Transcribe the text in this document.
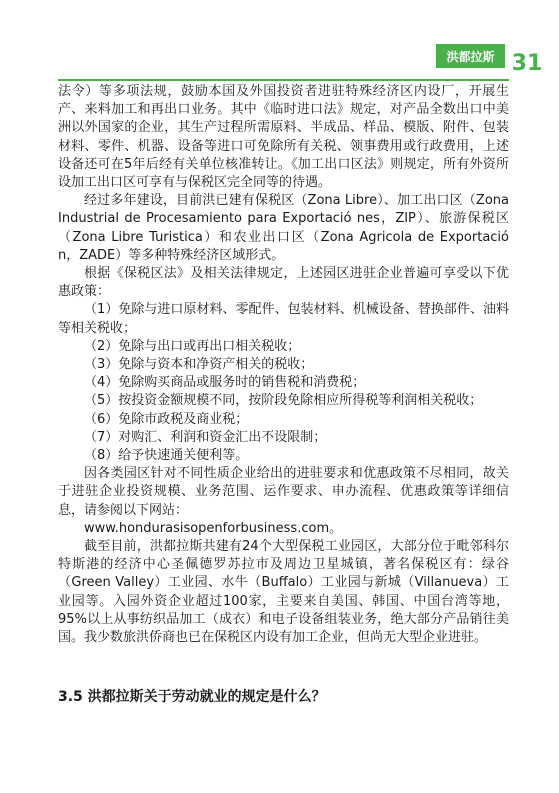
洪都拉斯 31

法令）等多项法规，鼓励本国及外国投资者进驻特殊经济区内设厂，开展生产、来料加工和再出口业务。其中《临时进口法》规定，对产品全数出口中美洲以外国家的企业，其生产过程所需原料、半成品、样品、模版、附件、包装材料、零件、机器、设备等进口可免除所有关税、领事费用或行政费用，上述设备还可在5年后经有关单位核准转让。《加工出口区法》则规定，所有外资所设加工出口区可享有与保税区完全同等的待遇。

经过多年建设，目前洪已建有保税区（Zona Libre）、加工出口区（Zona Industrial de Procesamiento para Exportació nes，ZIP）、旅游保税区（Zona Libre Turistica）和农业出口区（Zona Agricola de Exportació n，ZADE）等多种特殊经济区域形式。

根据《保税区法》及相关法律规定，上述园区进驻企业普遍可享受以下优惠政策：

（1）免除与进口原材料、零配件、包装材料、机械设备、替换部件、油料等相关税收；

（2）免除与出口或再出口相关税收；

（3）免除与资本和净资产相关的税收；

（4）免除购买商品或服务时的销售税和消费税；

（5）按投资金额规模不同，按阶段免除相应所得税等利润相关税收；

（6）免除市政税及商业税；

（7）对购汇、利润和资金汇出不设限制；

（8）给予快速通关便利等。

因各类园区针对不同性质企业给出的进驻要求和优惠政策不尽相同，故关于进驻企业投资规模、业务范围、运作要求、申办流程、优惠政策等详细信息，请参阅以下网站：

www.hondurasisopenforbusiness.com。

截至目前，洪都拉斯共建有24个大型保税工业园区，大部分位于毗邻科尔特斯港的经济中心圣佩德罗苏拉市及周边卫星城镇，著名保税区有：绿谷（Green Valley）工业园、水牛（Buffalo）工业园与新城（Villanueva）工业园等。入园外资企业超过100家，主要来自美国、韩国、中国台湾等地，95%以上从事纺织品加工（成衣）和电子设备组装业务，绝大部分产品销往美国。我少数旅洪侨商也已在保税区内设有加工企业，但尚无大型企业进驻。

3.5 洪都拉斯关于劳动就业的规定是什么？
